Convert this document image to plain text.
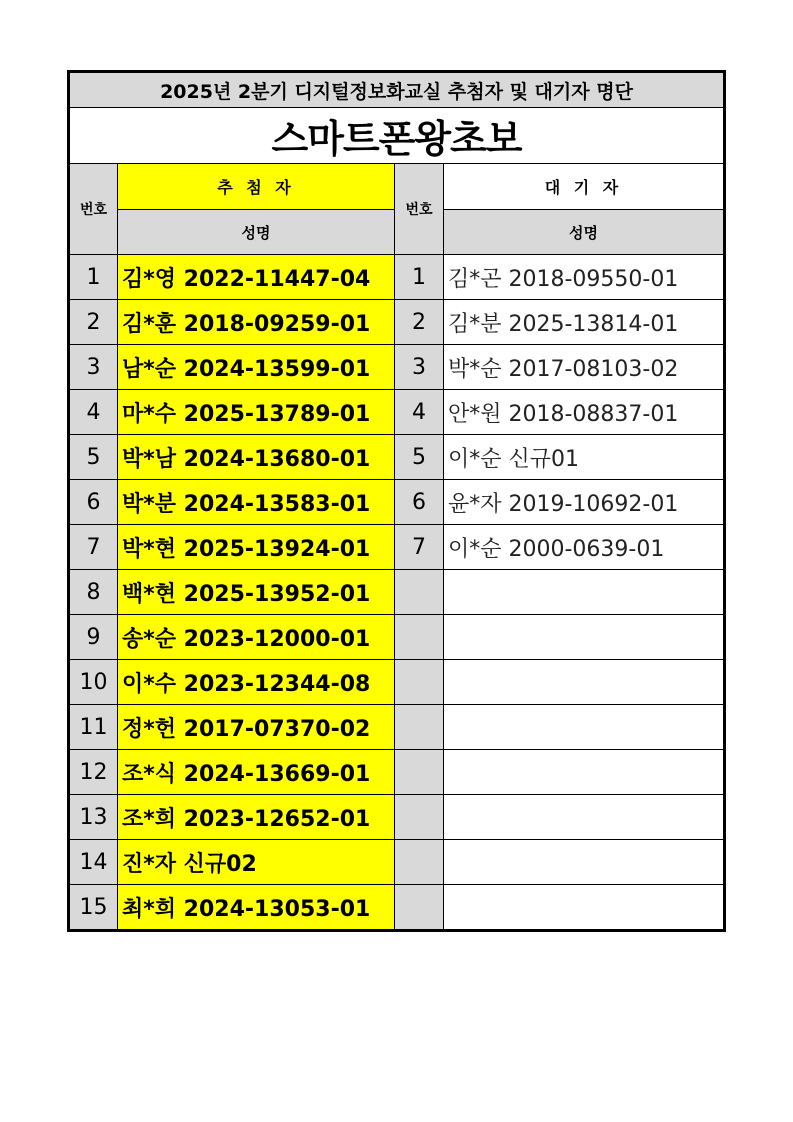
2025년 2분기 디지털정보화교실 추첨자 및 대기자 명단			
스마트폰왕초보			
번호	추 첨 자	번호	대 기 자
	성명		성명
1	김*영 2022-11447-04	1	김*곤 2018-09550-01
2	김*훈 2018-09259-01	2	김*분 2025-13814-01
3	남*순 2024-13599-01	3	박*순 2017-08103-02
4	마*수 2025-13789-01	4	안*원 2018-08837-01
5	박*남 2024-13680-01	5	이*순 신규01
6	박*분 2024-13583-01	6	윤*자 2019-10692-01
7	박*현 2025-13924-01	7	이*순 2000-0639-01
8	백*현 2025-13952-01		
9	송*순 2023-12000-01		
10	이*수 2023-12344-08		
11	정*헌 2017-07370-02		
12	조*식 2024-13669-01		
13	조*희 2023-12652-01		
14	진*자 신규02		
15	최*희 2024-13053-01		
